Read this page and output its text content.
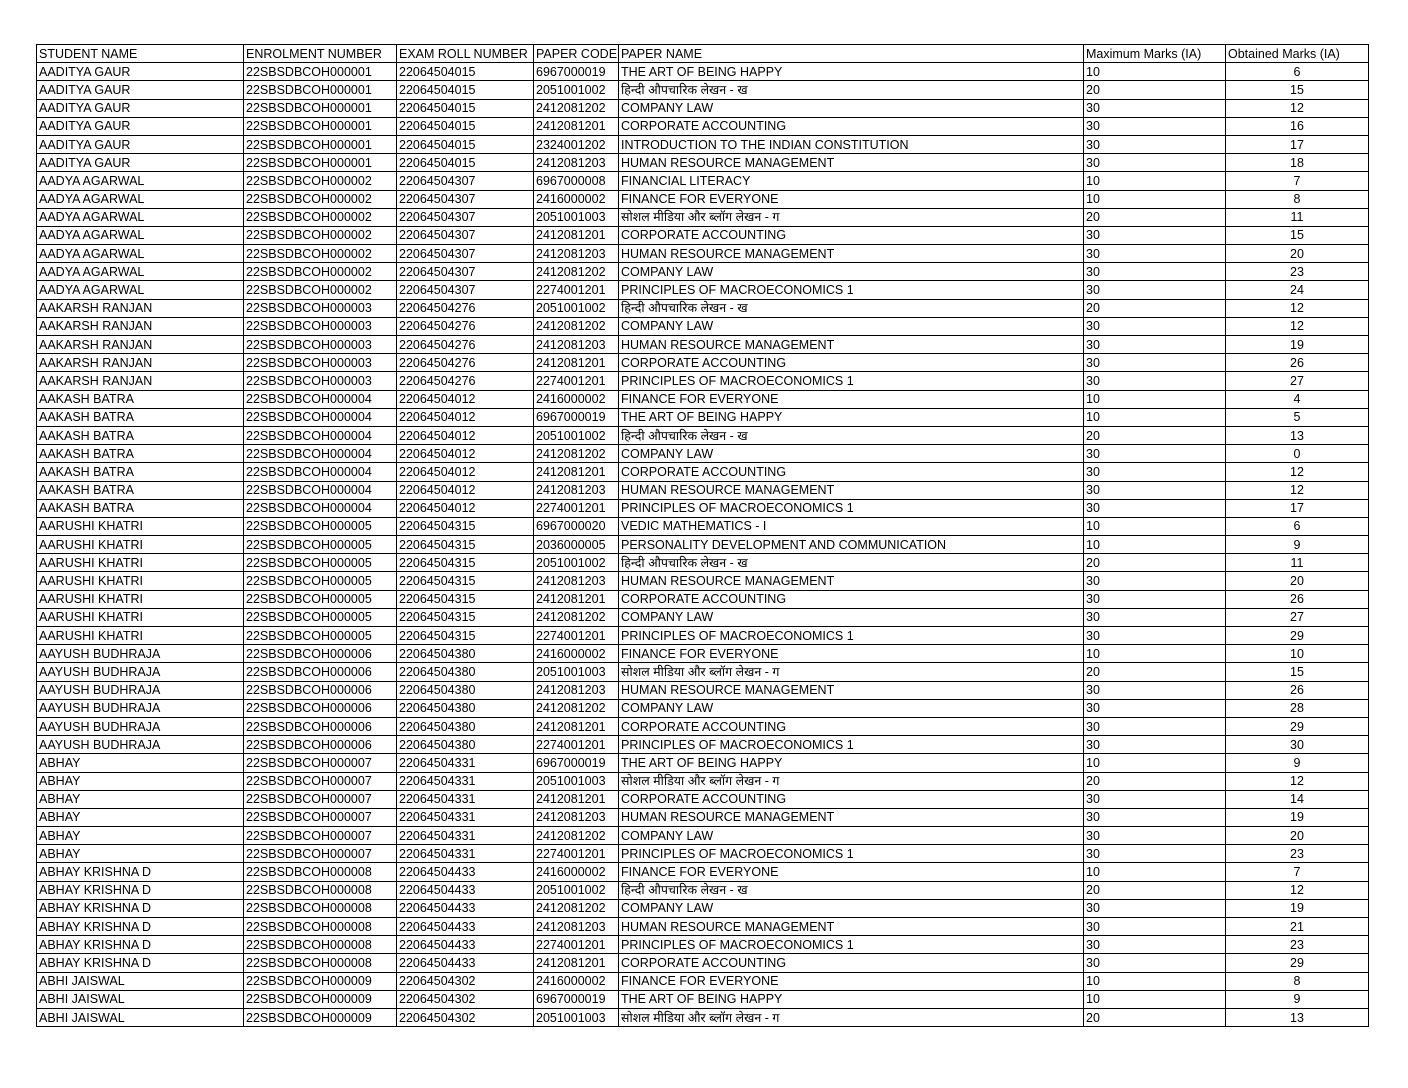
STUDENT NAME	ENROLMENT NUMBER	EXAM ROLL NUMBER	PAPER CODE	PAPER NAME	Maximum Marks (IA)	Obtained Marks (IA)
AADITYA GAUR	22SBSDBCOH000001	22064504015	6967000019	THE ART OF BEING HAPPY	10	6
AADITYA GAUR	22SBSDBCOH000001	22064504015	2051001002	हिन्दी औपचारिक लेखन - ख	20	15
AADITYA GAUR	22SBSDBCOH000001	22064504015	2412081202	COMPANY LAW	30	12
AADITYA GAUR	22SBSDBCOH000001	22064504015	2412081201	CORPORATE ACCOUNTING	30	16
AADITYA GAUR	22SBSDBCOH000001	22064504015	2324001202	INTRODUCTION TO THE INDIAN CONSTITUTION	30	17
AADITYA GAUR	22SBSDBCOH000001	22064504015	2412081203	HUMAN RESOURCE MANAGEMENT	30	18
AADYA AGARWAL	22SBSDBCOH000002	22064504307	6967000008	FINANCIAL LITERACY	10	7
AADYA AGARWAL	22SBSDBCOH000002	22064504307	2416000002	FINANCE FOR EVERYONE	10	8
AADYA AGARWAL	22SBSDBCOH000002	22064504307	2051001003	सोशल मीडिया और ब्लॉग लेखन - ग	20	11
AADYA AGARWAL	22SBSDBCOH000002	22064504307	2412081201	CORPORATE ACCOUNTING	30	15
AADYA AGARWAL	22SBSDBCOH000002	22064504307	2412081203	HUMAN RESOURCE MANAGEMENT	30	20
AADYA AGARWAL	22SBSDBCOH000002	22064504307	2412081202	COMPANY LAW	30	23
AADYA AGARWAL	22SBSDBCOH000002	22064504307	2274001201	PRINCIPLES OF MACROECONOMICS 1	30	24
AAKARSH RANJAN	22SBSDBCOH000003	22064504276	2051001002	हिन्दी औपचारिक लेखन - ख	20	12
AAKARSH RANJAN	22SBSDBCOH000003	22064504276	2412081202	COMPANY LAW	30	12
AAKARSH RANJAN	22SBSDBCOH000003	22064504276	2412081203	HUMAN RESOURCE MANAGEMENT	30	19
AAKARSH RANJAN	22SBSDBCOH000003	22064504276	2412081201	CORPORATE ACCOUNTING	30	26
AAKARSH RANJAN	22SBSDBCOH000003	22064504276	2274001201	PRINCIPLES OF MACROECONOMICS 1	30	27
AAKASH BATRA	22SBSDBCOH000004	22064504012	2416000002	FINANCE FOR EVERYONE	10	4
AAKASH BATRA	22SBSDBCOH000004	22064504012	6967000019	THE ART OF BEING HAPPY	10	5
AAKASH BATRA	22SBSDBCOH000004	22064504012	2051001002	हिन्दी औपचारिक लेखन - ख	20	13
AAKASH BATRA	22SBSDBCOH000004	22064504012	2412081202	COMPANY LAW	30	0
AAKASH BATRA	22SBSDBCOH000004	22064504012	2412081201	CORPORATE ACCOUNTING	30	12
AAKASH BATRA	22SBSDBCOH000004	22064504012	2412081203	HUMAN RESOURCE MANAGEMENT	30	12
AAKASH BATRA	22SBSDBCOH000004	22064504012	2274001201	PRINCIPLES OF MACROECONOMICS 1	30	17
AARUSHI KHATRI	22SBSDBCOH000005	22064504315	6967000020	VEDIC MATHEMATICS - I	10	6
AARUSHI KHATRI	22SBSDBCOH000005	22064504315	2036000005	PERSONALITY DEVELOPMENT AND COMMUNICATION	10	9
AARUSHI KHATRI	22SBSDBCOH000005	22064504315	2051001002	हिन्दी औपचारिक लेखन - ख	20	11
AARUSHI KHATRI	22SBSDBCOH000005	22064504315	2412081203	HUMAN RESOURCE MANAGEMENT	30	20
AARUSHI KHATRI	22SBSDBCOH000005	22064504315	2412081201	CORPORATE ACCOUNTING	30	26
AARUSHI KHATRI	22SBSDBCOH000005	22064504315	2412081202	COMPANY LAW	30	27
AARUSHI KHATRI	22SBSDBCOH000005	22064504315	2274001201	PRINCIPLES OF MACROECONOMICS 1	30	29
AAYUSH BUDHRAJA	22SBSDBCOH000006	22064504380	2416000002	FINANCE FOR EVERYONE	10	10
AAYUSH BUDHRAJA	22SBSDBCOH000006	22064504380	2051001003	सोशल मीडिया और ब्लॉग लेखन - ग	20	15
AAYUSH BUDHRAJA	22SBSDBCOH000006	22064504380	2412081203	HUMAN RESOURCE MANAGEMENT	30	26
AAYUSH BUDHRAJA	22SBSDBCOH000006	22064504380	2412081202	COMPANY LAW	30	28
AAYUSH BUDHRAJA	22SBSDBCOH000006	22064504380	2412081201	CORPORATE ACCOUNTING	30	29
AAYUSH BUDHRAJA	22SBSDBCOH000006	22064504380	2274001201	PRINCIPLES OF MACROECONOMICS 1	30	30
ABHAY	22SBSDBCOH000007	22064504331	6967000019	THE ART OF BEING HAPPY	10	9
ABHAY	22SBSDBCOH000007	22064504331	2051001003	सोशल मीडिया और ब्लॉग लेखन - ग	20	12
ABHAY	22SBSDBCOH000007	22064504331	2412081201	CORPORATE ACCOUNTING	30	14
ABHAY	22SBSDBCOH000007	22064504331	2412081203	HUMAN RESOURCE MANAGEMENT	30	19
ABHAY	22SBSDBCOH000007	22064504331	2412081202	COMPANY LAW	30	20
ABHAY	22SBSDBCOH000007	22064504331	2274001201	PRINCIPLES OF MACROECONOMICS 1	30	23
ABHAY KRISHNA D	22SBSDBCOH000008	22064504433	2416000002	FINANCE FOR EVERYONE	10	7
ABHAY KRISHNA D	22SBSDBCOH000008	22064504433	2051001002	हिन्दी औपचारिक लेखन - ख	20	12
ABHAY KRISHNA D	22SBSDBCOH000008	22064504433	2412081202	COMPANY LAW	30	19
ABHAY KRISHNA D	22SBSDBCOH000008	22064504433	2412081203	HUMAN RESOURCE MANAGEMENT	30	21
ABHAY KRISHNA D	22SBSDBCOH000008	22064504433	2274001201	PRINCIPLES OF MACROECONOMICS 1	30	23
ABHAY KRISHNA D	22SBSDBCOH000008	22064504433	2412081201	CORPORATE ACCOUNTING	30	29
ABHI JAISWAL	22SBSDBCOH000009	22064504302	2416000002	FINANCE FOR EVERYONE	10	8
ABHI JAISWAL	22SBSDBCOH000009	22064504302	6967000019	THE ART OF BEING HAPPY	10	9
ABHI JAISWAL	22SBSDBCOH000009	22064504302	2051001003	सोशल मीडिया और ब्लॉग लेखन - ग	20	13
